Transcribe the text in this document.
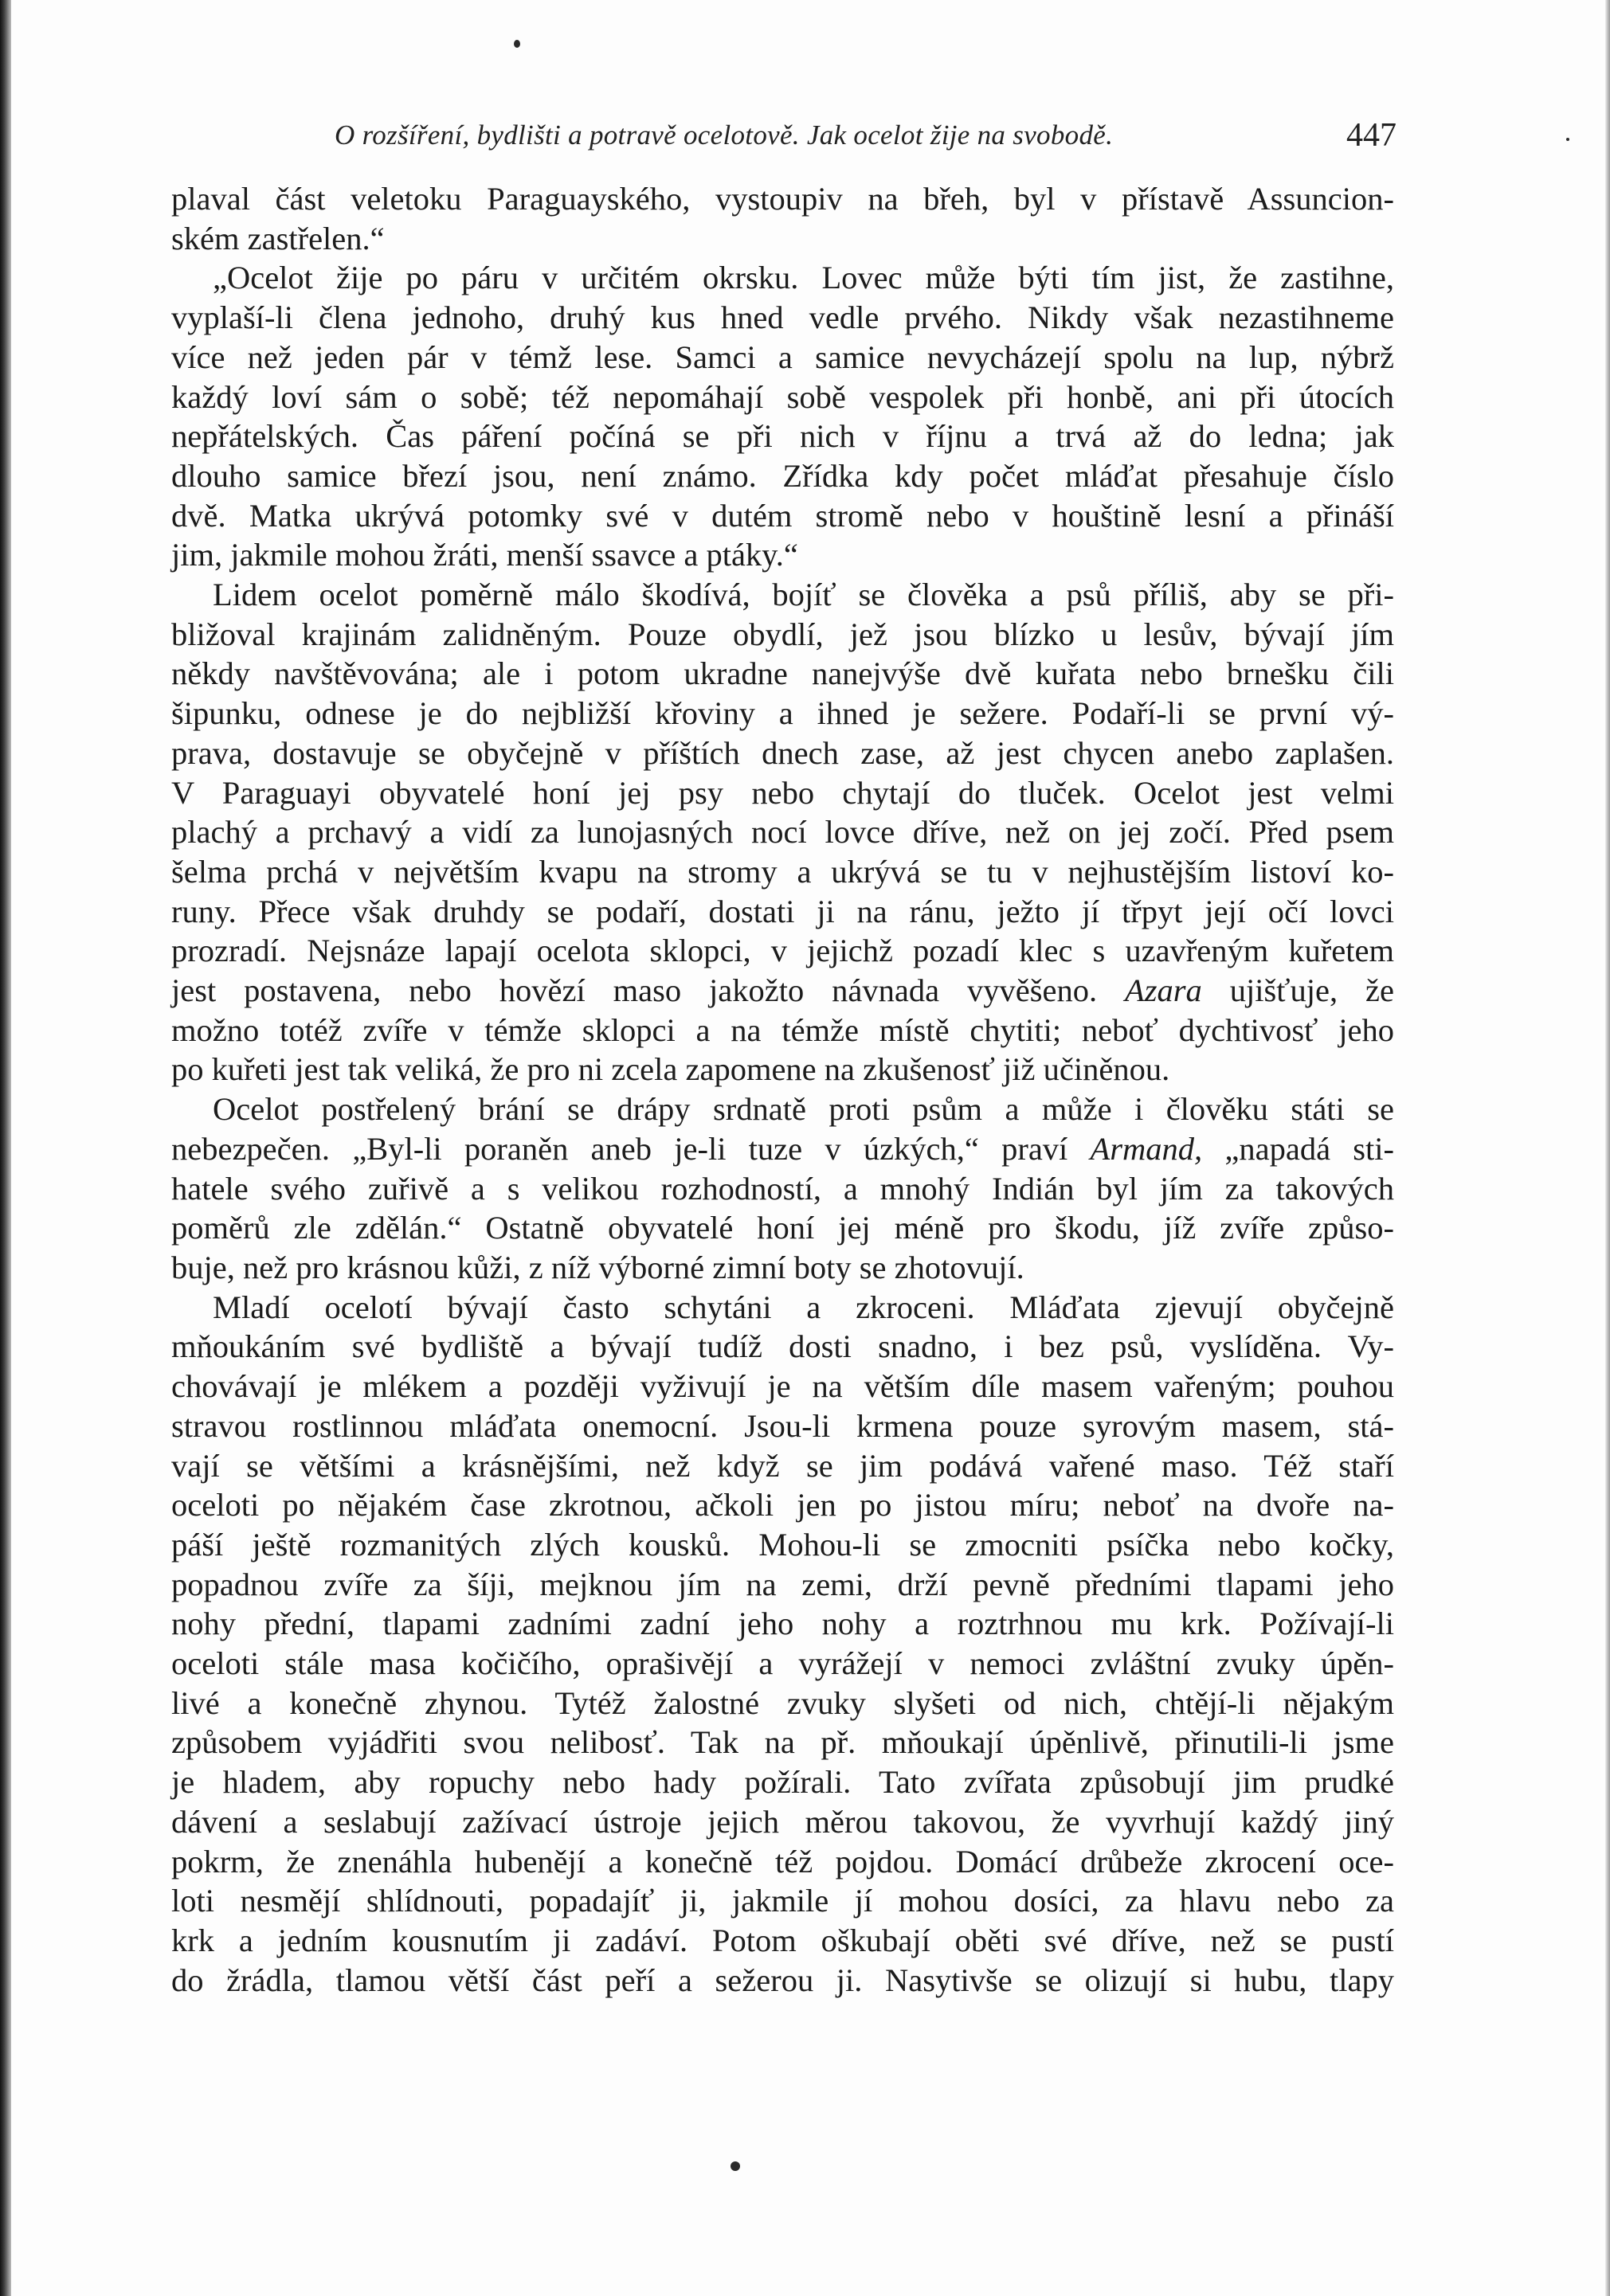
O rozšíření, bydlišti a potravě ocelotově. Jak ocelot žije na svobodě.	447
plaval část veletoku Paraguayského, vystoupiv na břeh, byl v přístavě Assuncion-
ském zastřelen.“
„Ocelot žije po páru v určitém okrsku. Lovec může býti tím jist, že zastihne,
vyplaší-li člena jednoho, druhý kus hned vedle prvého. Nikdy však nezastihneme
více než jeden pár v témž lese. Samci a samice nevycházejí spolu na lup, nýbrž
každý loví sám o sobě; též nepomáhají sobě vespolek při honbě, ani při útocích
nepřátelských. Čas páření počíná se při nich v říjnu a trvá až do ledna; jak
dlouho samice březí jsou, není známo. Zřídka kdy počet mláďat přesahuje číslo
dvě. Matka ukrývá potomky své v dutém stromě nebo v houštině lesní a přináší
jim, jakmile mohou žráti, menší ssavce a ptáky.“
Lidem ocelot poměrně málo škodívá, bojíť se člověka a psů příliš, aby se při-
bližoval krajinám zalidněným. Pouze obydlí, jež jsou blízko u lesův, bývají jím
někdy navštěvována; ale i potom ukradne nanejvýše dvě kuřata nebo brnešku čili
šipunku, odnese je do nejbližší křoviny a ihned je sežere. Podaří-li se první vý-
prava, dostavuje se obyčejně v příštích dnech zase, až jest chycen anebo zaplašen.
V Paraguayi obyvatelé honí jej psy nebo chytají do tluček. Ocelot jest velmi
plachý a prchavý a vidí za lunojasných nocí lovce dříve, než on jej zočí. Před psem
šelma prchá v největším kvapu na stromy a ukrývá se tu v nejhustějším listoví ko-
runy. Přece však druhdy se podaří, dostati ji na ránu, ježto jí třpyt její očí lovci
prozradí. Nejsnáze lapají ocelota sklopci, v jejichž pozadí klec s uzavřeným kuřetem
jest postavena, nebo hovězí maso jakožto návnada vyvěšeno. Azara ujišťuje, že
možno totéž zvíře v témže sklopci a na témže místě chytiti; neboť dychtivosť jeho
po kuřeti jest tak veliká, že pro ni zcela zapomene na zkušenosť již učiněnou.
Ocelot postřelený brání se drápy srdnatě proti psům a může i člověku státi se
nebezpečen. „Byl-li poraněn aneb je-li tuze v úzkých,“ praví Armand, „napadá sti-
hatele svého zuřivě a s velikou rozhodností, a mnohý Indián byl jím za takových
poměrů zle zdělán.“ Ostatně obyvatelé honí jej méně pro škodu, jíž zvíře způso-
buje, než pro krásnou kůži, z níž výborné zimní boty se zhotovují.
Mladí ocelotí bývají často schytáni a zkroceni. Mláďata zjevují obyčejně
mňoukáním své bydliště a bývají tudíž dosti snadno, i bez psů, vyslíděna. Vy-
chovávají je mlékem a později vyživují je na větším díle masem vařeným; pouhou
stravou rostlinnou mláďata onemocní. Jsou-li krmena pouze syrovým masem, stá-
vají se většími a krásnějšími, než když se jim podává vařené maso. Též staří
oceloti po nějakém čase zkrotnou, ačkoli jen po jistou míru; neboť na dvoře na-
páší ještě rozmanitých zlých kousků. Mohou-li se zmocniti psíčka nebo kočky,
popadnou zvíře za šíji, mejknou jím na zemi, drží pevně předními tlapami jeho
nohy přední, tlapami zadními zadní jeho nohy a roztrhnou mu krk. Požívají-li
oceloti stále masa kočičího, oprašivějí a vyrážejí v nemoci zvláštní zvuky úpěn-
livé a konečně zhynou. Tytéž žalostné zvuky slyšeti od nich, chtějí-li nějakým
způsobem vyjádřiti svou nelibosť. Tak na př. mňoukají úpěnlivě, přinutili-li jsme
je hladem, aby ropuchy nebo hady požírali. Tato zvířata způsobují jim prudké
dávení a seslabují zažívací ústroje jejich měrou takovou, že vyvrhují každý jiný
pokrm, že znenáhla hubenějí a konečně též pojdou. Domácí drůbeže zkrocení oce-
loti nesmějí shlídnouti, popadajíť ji, jakmile jí mohou dosíci, za hlavu nebo za
krk a jedním kousnutím ji zadáví. Potom oškubají oběti své dříve, než se pustí
do žrádla, tlamou větší část peří a sežerou ji. Nasytivše se olizují si hubu, tlapy
